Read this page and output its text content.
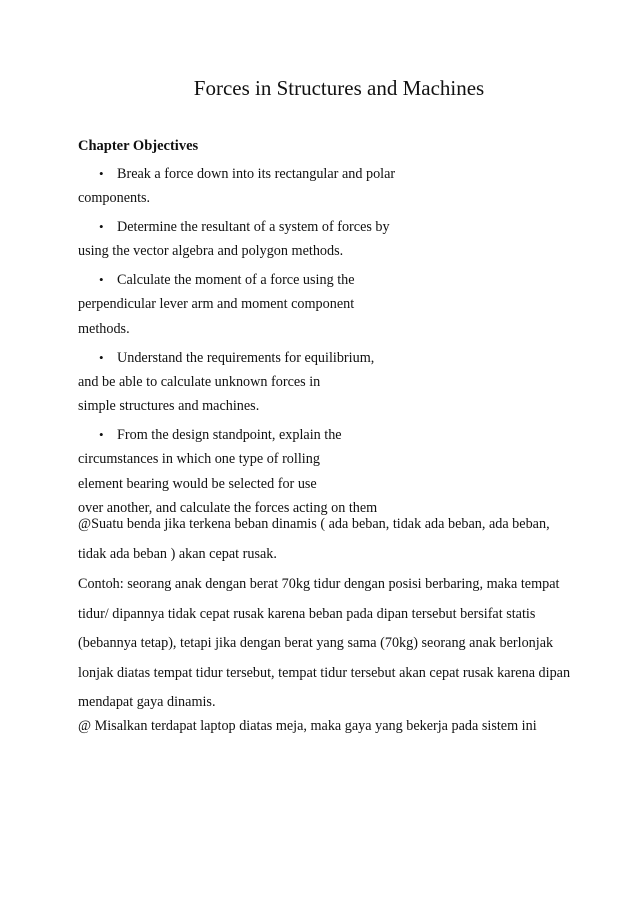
Forces in Structures and Machines
Chapter Objectives
• Break a force down into its rectangular and polar
components.
• Determine the resultant of a system of forces by
using the vector algebra and polygon methods.
• Calculate the moment of a force using the
perpendicular lever arm and moment component
methods.
• Understand the requirements for equilibrium,
and be able to calculate unknown forces in
simple structures and machines.
• From the design standpoint, explain the
circumstances in which one type of rolling
element bearing would be selected for use
over another, and calculate the forces acting on them
@Suatu benda jika terkena beban dinamis ( ada beban, tidak ada beban, ada beban,
tidak ada beban ) akan cepat rusak.
Contoh: seorang anak dengan berat 70kg tidur dengan posisi berbaring, maka tempat
tidur/ dipannya tidak cepat rusak karena beban pada dipan tersebut bersifat statis
(bebannya tetap), tetapi jika dengan berat yang sama (70kg) seorang anak berlonjak
lonjak diatas tempat tidur tersebut, tempat tidur tersebut akan cepat rusak karena dipan
mendapat gaya dinamis.
@ Misalkan terdapat laptop diatas meja, maka gaya yang bekerja pada sistem ini
